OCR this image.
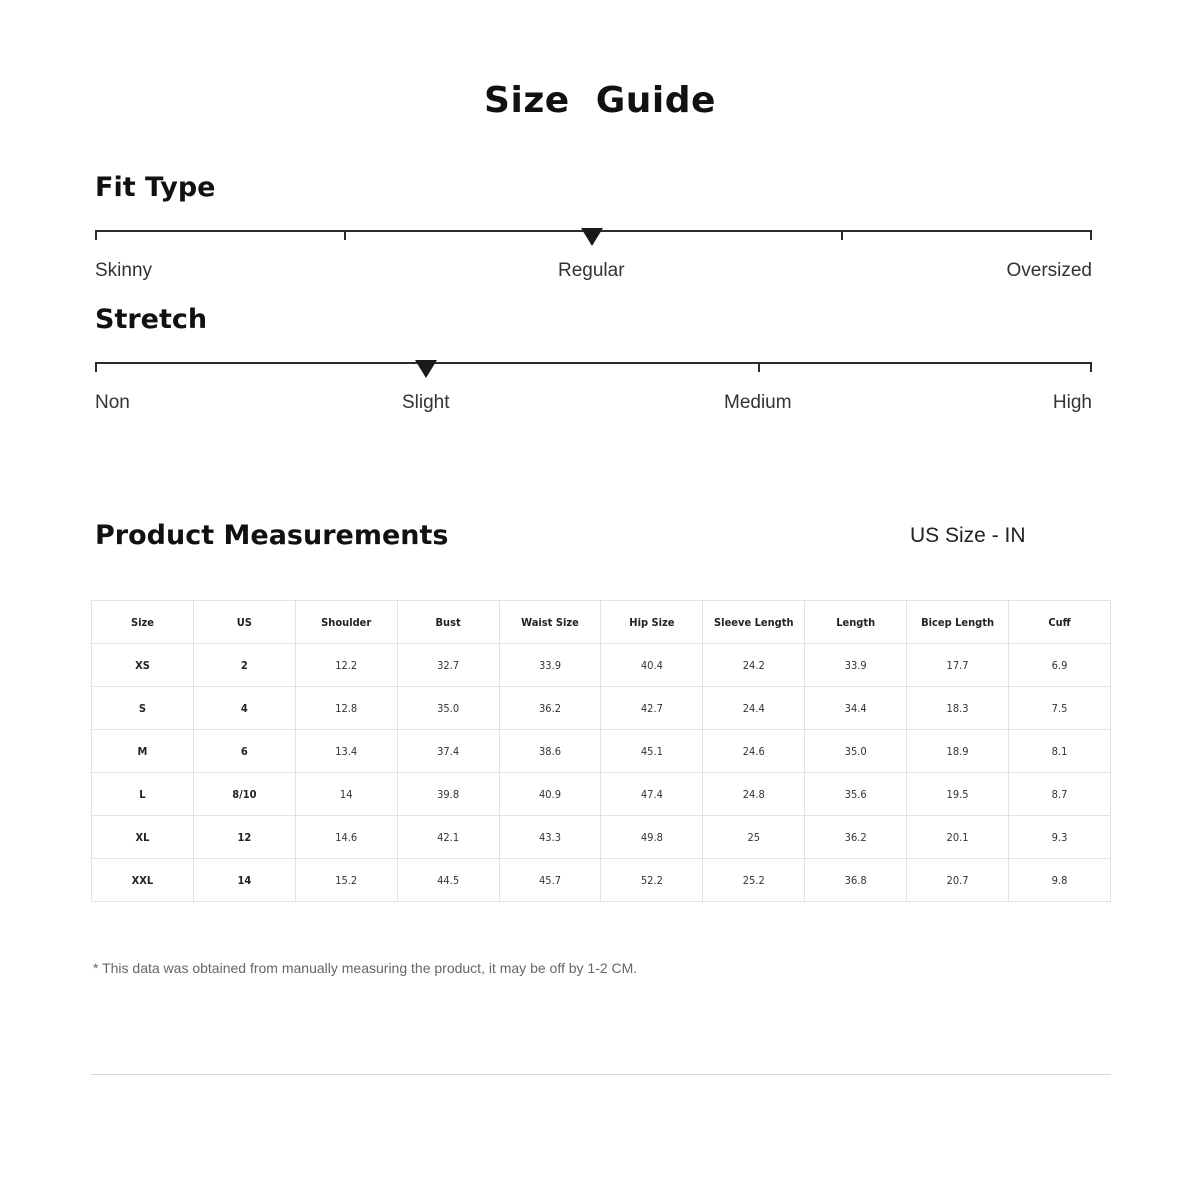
Size  Guide
Fit Type
Skinny	Regular	Oversized
Stretch
Non	Slight	Medium	High
Product Measurements	US Size - IN
Size	US	Shoulder	Bust	Waist Size	Hip Size	Sleeve Length	Length	Bicep Length	Cuff
XS	2	12.2	32.7	33.9	40.4	24.2	33.9	17.7	6.9
S	4	12.8	35.0	36.2	42.7	24.4	34.4	18.3	7.5
M	6	13.4	37.4	38.6	45.1	24.6	35.0	18.9	8.1
L	8/10	14	39.8	40.9	47.4	24.8	35.6	19.5	8.7
XL	12	14.6	42.1	43.3	49.8	25	36.2	20.1	9.3
XXL	14	15.2	44.5	45.7	52.2	25.2	36.8	20.7	9.8
* This data was obtained from manually measuring the product, it may be off by 1-2 CM.
